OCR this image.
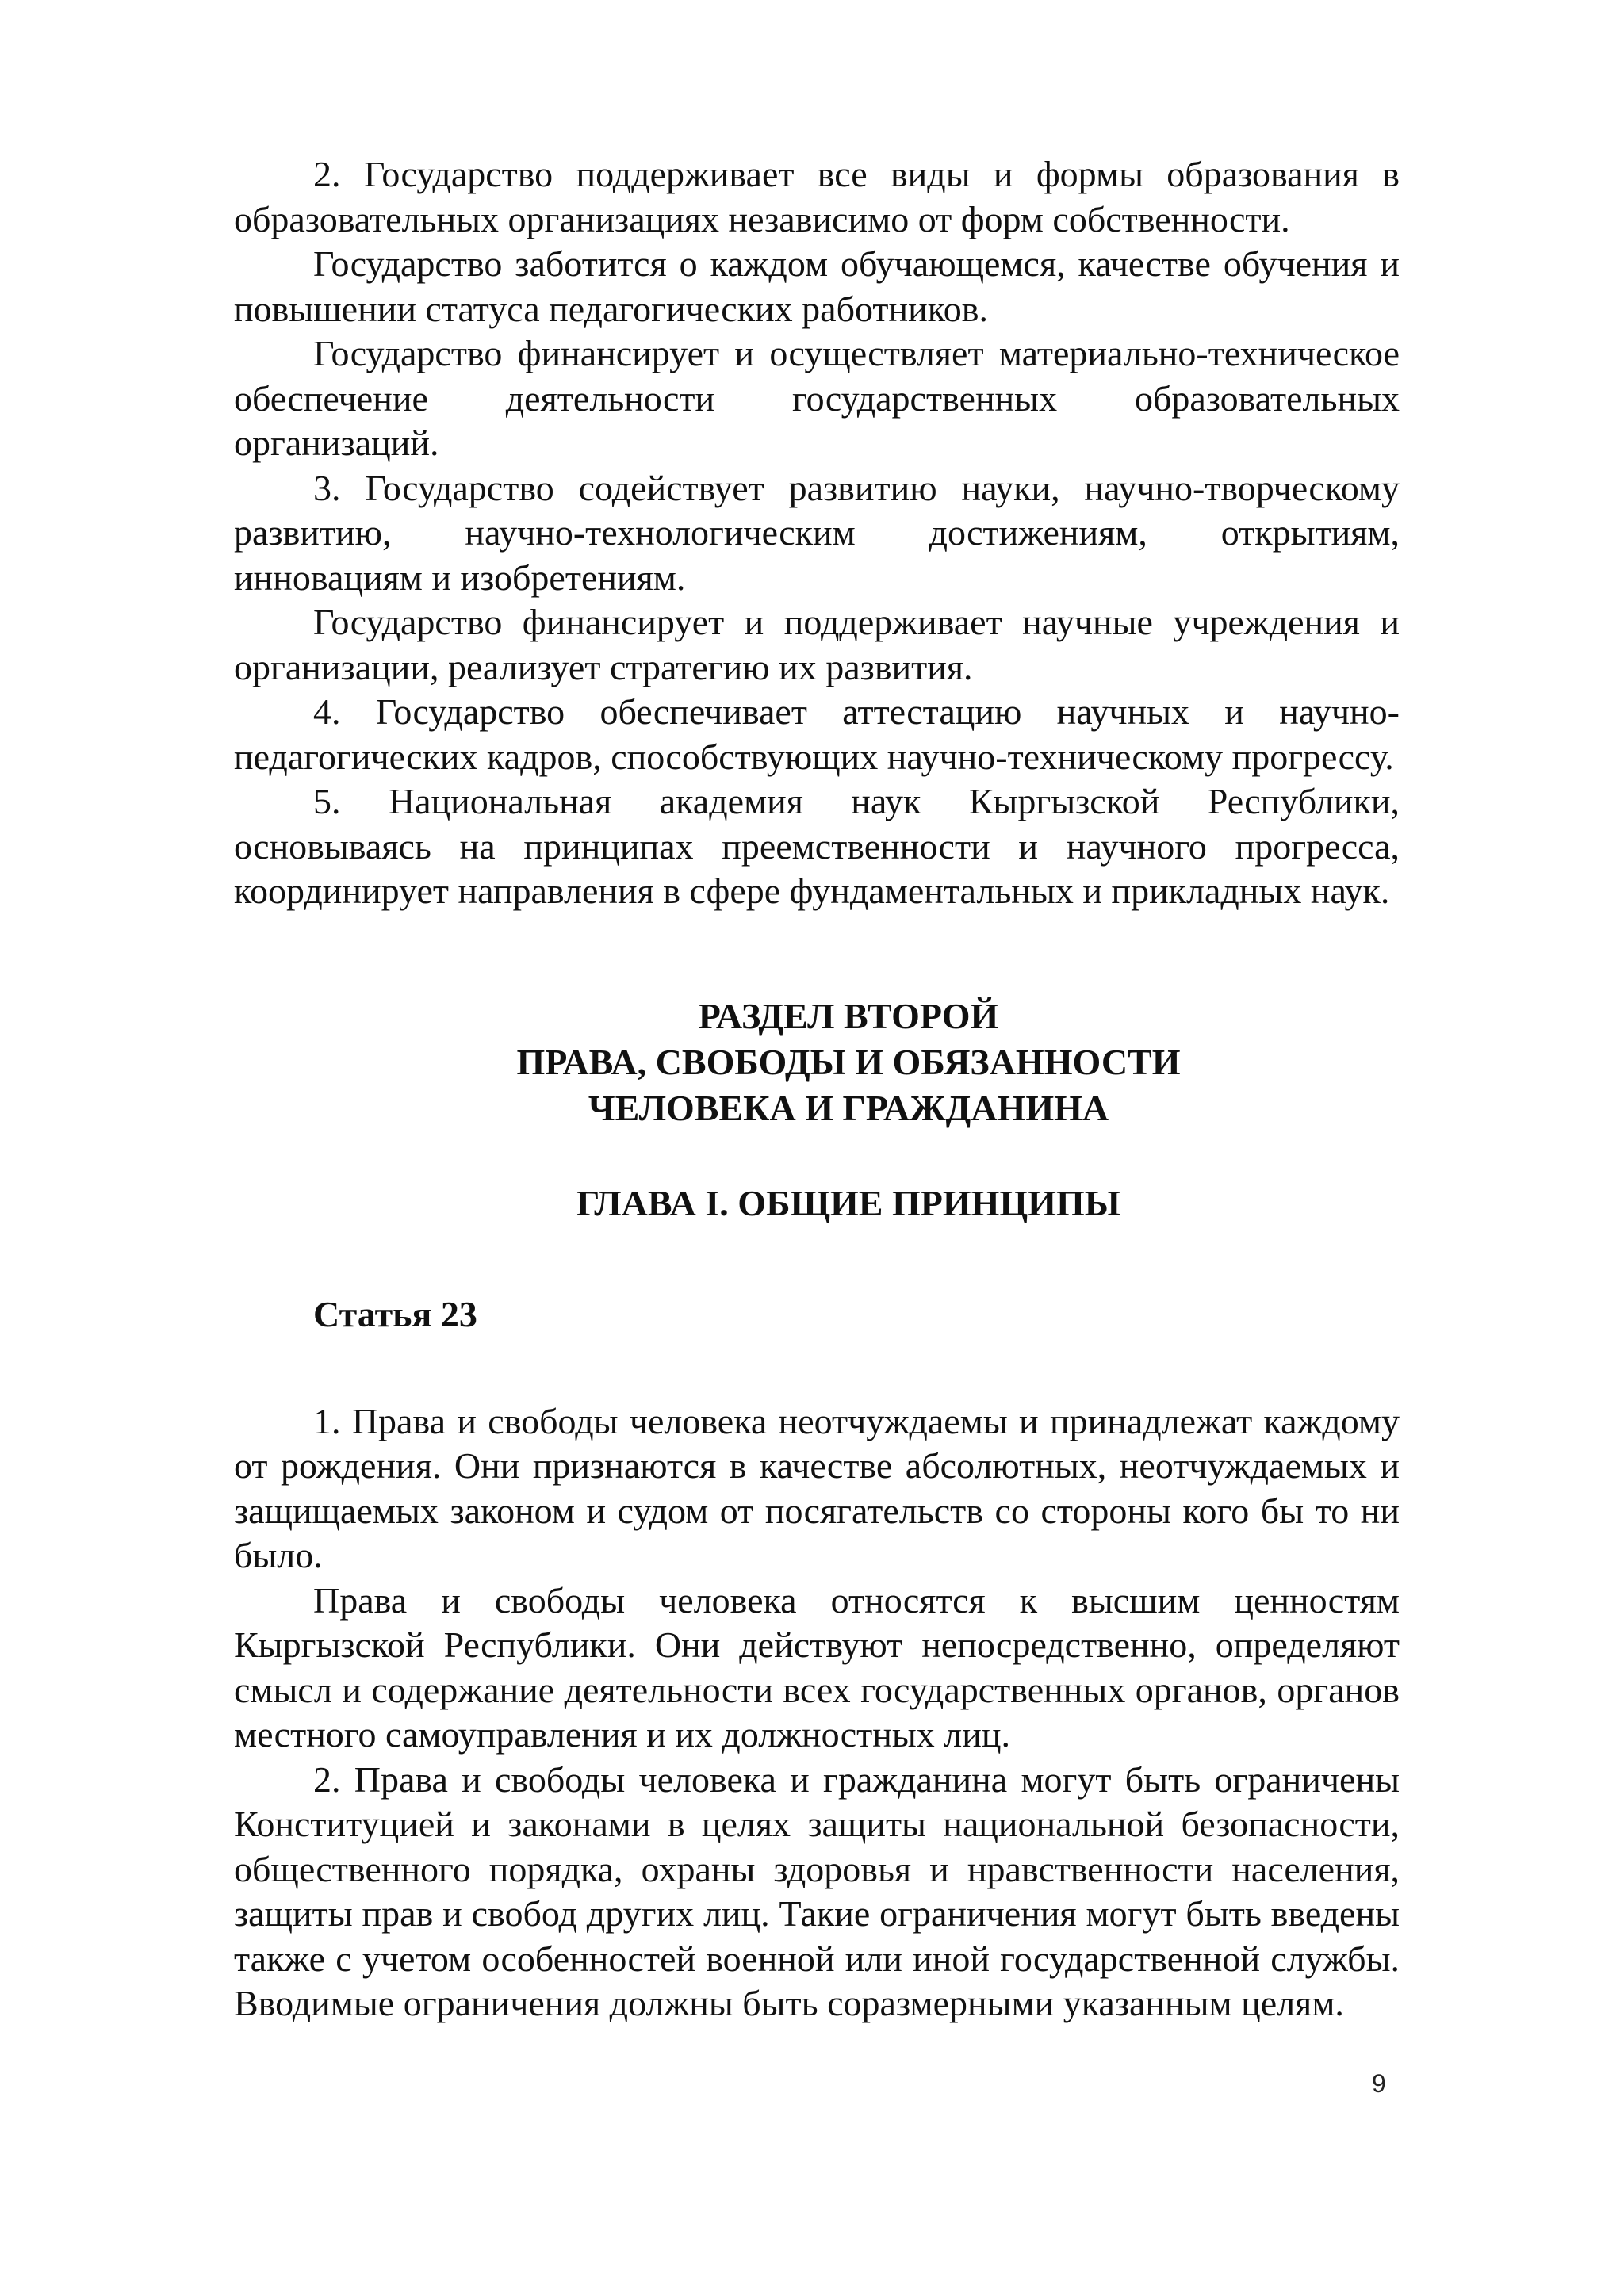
2. Государство поддерживает все виды и формы образования в образовательных организациях независимо от форм собственности.

Государство заботится о каждом обучающемся, качестве обучения и повышении статуса педагогических работников.

Государство финансирует и осуществляет материально-техническое обеспечение деятельности государственных образовательных организаций.

3. Государство содействует развитию науки, научно-творческому развитию, научно-технологическим достижениям, открытиям, инновациям и изобретениям.

Государство финансирует и поддерживает научные учреждения и организации, реализует стратегию их развития.

4. Государство обеспечивает аттестацию научных и научно-педагогических кадров, способствующих научно-техническому прогрессу.

5. Национальная академия наук Кыргызской Республики, основываясь на принципах преемственности и научного прогресса, координирует направления в сфере фундаментальных и прикладных наук.

РАЗДЕЛ ВТОРОЙ

ПРАВА, СВОБОДЫ И ОБЯЗАННОСТИ

ЧЕЛОВЕКА И ГРАЖДАНИНА

ГЛАВА I. ОБЩИЕ ПРИНЦИПЫ
Статья 23

1. Права и свободы человека неотчуждаемы и принадлежат каждому от рождения. Они признаются в качестве абсолютных, неотчуждаемых и защищаемых законом и судом от посягательств со стороны кого бы то ни было.

Права и свободы человека относятся к высшим ценностям Кыргызской Республики. Они действуют непосредственно, определяют смысл и содержание деятельности всех государственных органов, органов местного самоуправления и их должностных лиц.

2. Права и свободы человека и гражданина могут быть ограничены Конституцией и законами в целях защиты национальной безопасности, общественного порядка, охраны здоровья и нравственности населения, защиты прав и свобод других лиц. Такие ограничения могут быть введены также с учетом особенностей военной или иной государственной службы. Вводимые ограничения должны быть соразмерными указанным целям.

9
